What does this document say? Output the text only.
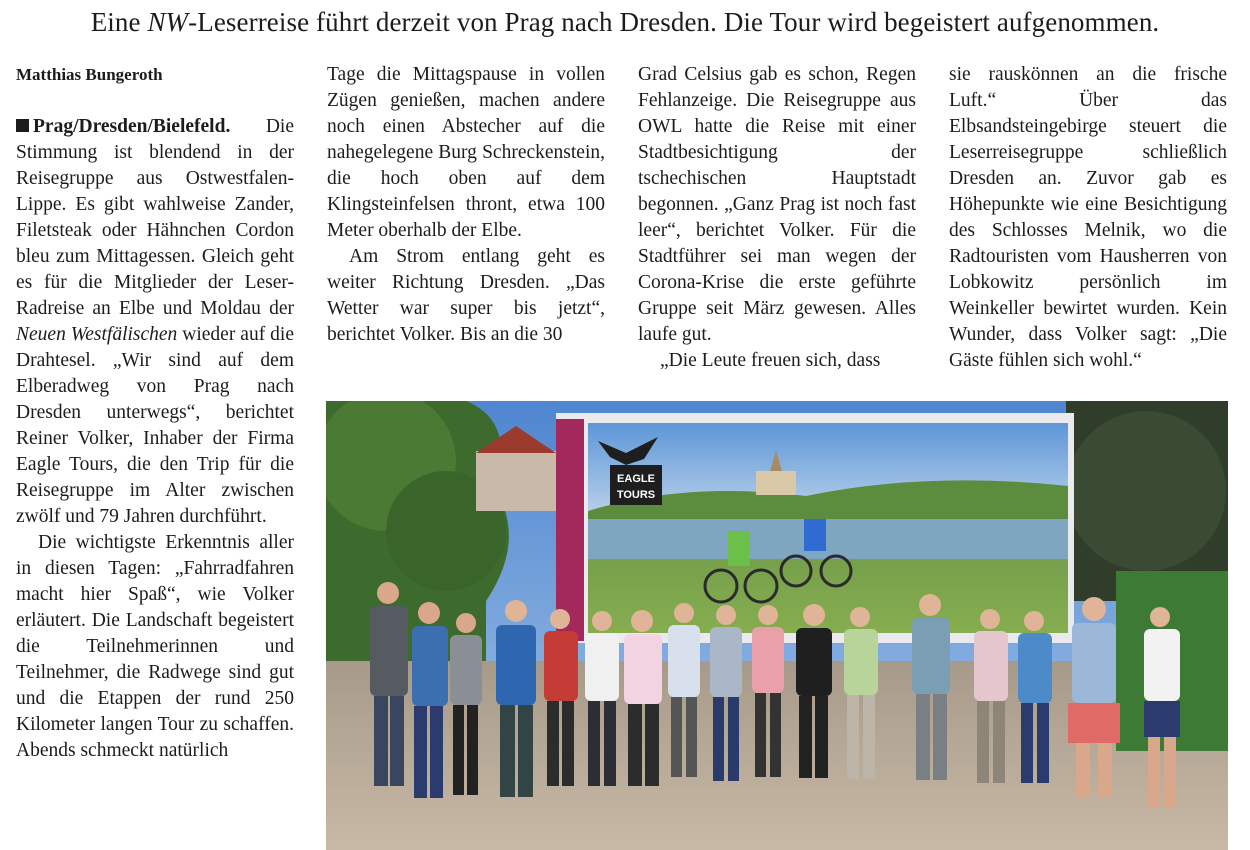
Eine NW-Leserreise führt derzeit von Prag nach Dresden. Die Tour wird begeistert aufgenommen.

Matthias Bungeroth

Prag/Dresden/Bielefeld. Die Stimmung ist blendend in der Reisegruppe aus Ostwestfalen-Lippe. Es gibt wahlweise Zander, Filetsteak oder Hähnchen Cordon bleu zum Mittagessen. Gleich geht es für die Mitglieder der Leser-Radreise an Elbe und Moldau der Neuen Westfälischen wieder auf die Drahtesel. „Wir sind auf dem Elberadweg von Prag nach Dresden unterwegs“, berichtet Reiner Volker, Inhaber der Firma Eagle Tours, die den Trip für die Reisegruppe im Alter zwischen zwölf und 79 Jahren durchführt.

Die wichtigste Erkenntnis aller in diesen Tagen: „Fahrradfahren macht hier Spaß“, wie Volker erläutert. Die Landschaft begeistert die Teilnehmerinnen und Teilnehmer, die Radwege sind gut und die Etappen der rund 250 Kilometer langen Tour zu schaffen. Abends schmeckt natürlich

Tage die Mittagspause in vollen Zügen genießen, machen andere noch einen Abstecher auf die nahegelegene Burg Schreckenstein, die hoch oben auf dem Klingsteinfelsen thront, etwa 100 Meter oberhalb der Elbe.

Am Strom entlang geht es weiter Richtung Dresden. „Das Wetter war super bis jetzt“, berichtet Volker. Bis an die 30

Grad Celsius gab es schon, Regen Fehlanzeige. Die Reisegruppe aus OWL hatte die Reise mit einer Stadtbesichtigung der tschechischen Hauptstadt begonnen. „Ganz Prag ist noch fast leer“, berichtet Volker. Für die Stadtführer sei man wegen der Corona-Krise die erste geführte Gruppe seit März gewesen. Alles laufe gut.

„Die Leute freuen sich, dass

sie rauskönnen an die frische Luft.“ Über das Elbsandsteingebirge steuert die Leserreisegruppe schließlich Dresden an. Zuvor gab es Höhepunkte wie eine Besichtigung des Schlosses Melnik, wo die Radtouristen vom Hausherren von Lobkowitz persönlich im Weinkeller bewirtet wurden. Kein Wunder, dass Volker sagt: „Die Gäste fühlen sich wohl.“

EAGLE
TOURS
